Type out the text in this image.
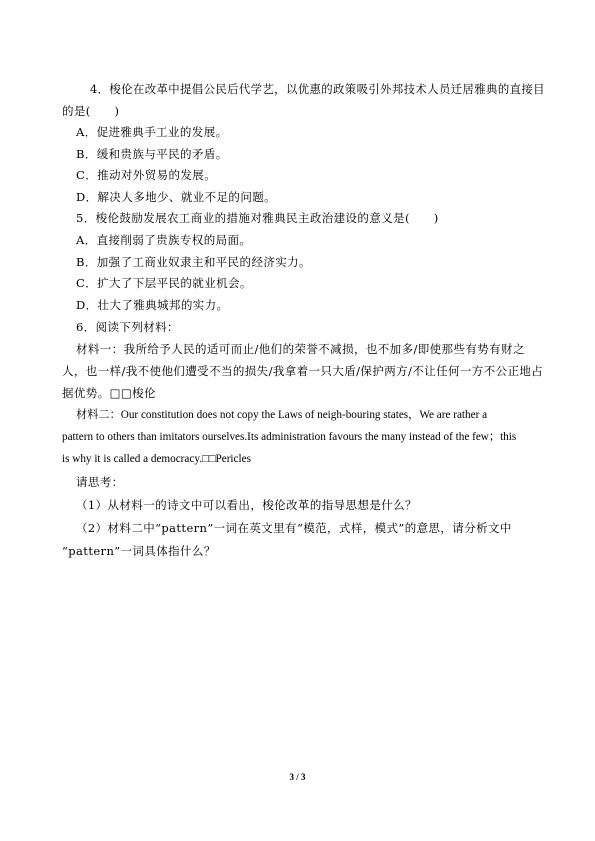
4．梭伦在改革中提倡公民后代学艺，以优惠的政策吸引外邦技术人员迁居雅典的直接目
的是(　　)
A．促进雅典手工业的发展。
B．缓和贵族与平民的矛盾。
C．推动对外贸易的发展。
D．解决人多地少、就业不足的问题。
5．梭伦鼓励发展农工商业的措施对雅典民主政治建设的意义是(　　)
A．直接削弱了贵族专权的局面。
B．加强了工商业奴隶主和平民的经济实力。
C．扩大了下层平民的就业机会。
D．壮大了雅典城邦的实力。
6．阅读下列材料：
材料一：我所给予人民的适可而止/他们的荣誉不减损，也不加多/即使那些有势有财之
人，也一样/我不使他们遭受不当的损失/我拿着一只大盾/保护两方/不让任何一方不公正地占
据优势。□□梭伦
材料二：Our constitution does not copy the Laws of neigh-bouring states，We are rather a
pattern to others than imitators ourselves.Its administration favours the many instead of the few；this
is why it is called a democracy.□□Pericles
请思考：
（1）从材料一的诗文中可以看出，梭伦改革的指导思想是什么？
（2）材料二中“pattern”一词在英文里有“模范，式样，模式”的意思，请分析文中
“pattern”一词具体指什么？
3 / 3
